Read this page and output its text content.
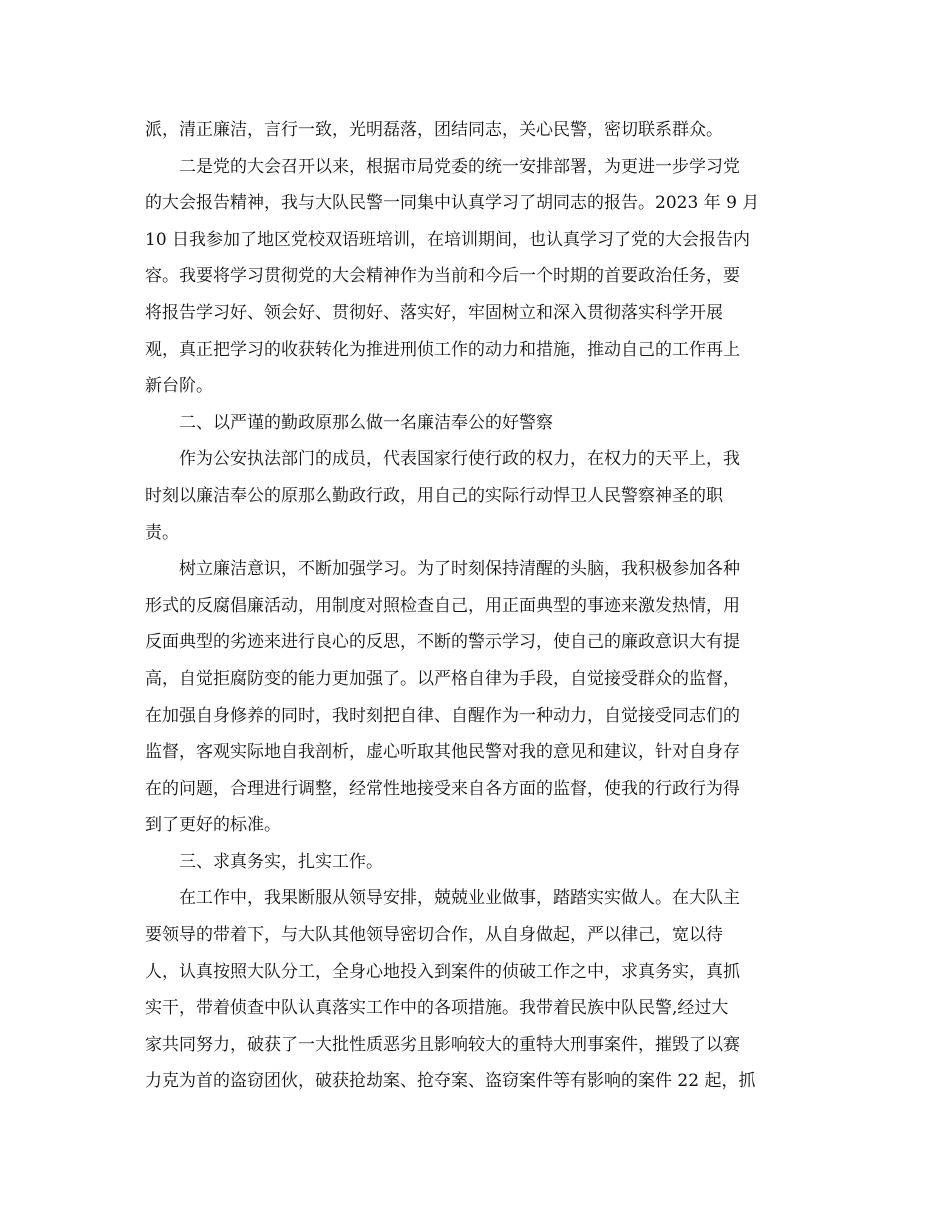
派，清正廉洁，言行一致，光明磊落，团结同志，关心民警，密切联系群众。
二是党的大会召开以来，根据市局党委的统一安排部署，为更进一步学习党
的大会报告精神，我与大队民警一同集中认真学习了胡同志的报告。2023 年 9 月
10 日我参加了地区党校双语班培训，在培训期间，也认真学习了党的大会报告内
容。我要将学习贯彻党的大会精神作为当前和今后一个时期的首要政治任务，要
将报告学习好、领会好、贯彻好、落实好，牢固树立和深入贯彻落实科学开展
观，真正把学习的收获转化为推进刑侦工作的动力和措施，推动自己的工作再上
新台阶。
二、以严谨的勤政原那么做一名廉洁奉公的好警察
作为公安执法部门的成员，代表国家行使行政的权力，在权力的天平上，我
时刻以廉洁奉公的原那么勤政行政，用自己的实际行动悍卫人民警察神圣的职
责。
树立廉洁意识，不断加强学习。为了时刻保持清醒的头脑，我积极参加各种
形式的反腐倡廉活动，用制度对照检查自己，用正面典型的事迹来激发热情，用
反面典型的劣迹来进行良心的反思，不断的警示学习，使自己的廉政意识大有提
高，自觉拒腐防变的能力更加强了。以严格自律为手段，自觉接受群众的监督，
在加强自身修养的同时，我时刻把自律、自醒作为一种动力，自觉接受同志们的
监督，客观实际地自我剖析，虚心听取其他民警对我的意见和建议，针对自身存
在的问题，合理进行调整，经常性地接受来自各方面的监督，使我的行政行为得
到了更好的标准。
三、求真务实，扎实工作。
在工作中，我果断服从领导安排，兢兢业业做事，踏踏实实做人。在大队主
要领导的带着下，与大队其他领导密切合作，从自身做起，严以律己，宽以待
人，认真按照大队分工，全身心地投入到案件的侦破工作之中，求真务实，真抓
实干，带着侦查中队认真落实工作中的各项措施。我带着民族中队民警,经过大
家共同努力，破获了一大批性质恶劣且影响较大的重特大刑事案件，摧毁了以赛
力克为首的盗窃团伙，破获抢劫案、抢夺案、盗窃案件等有影响的案件 22 起，抓
